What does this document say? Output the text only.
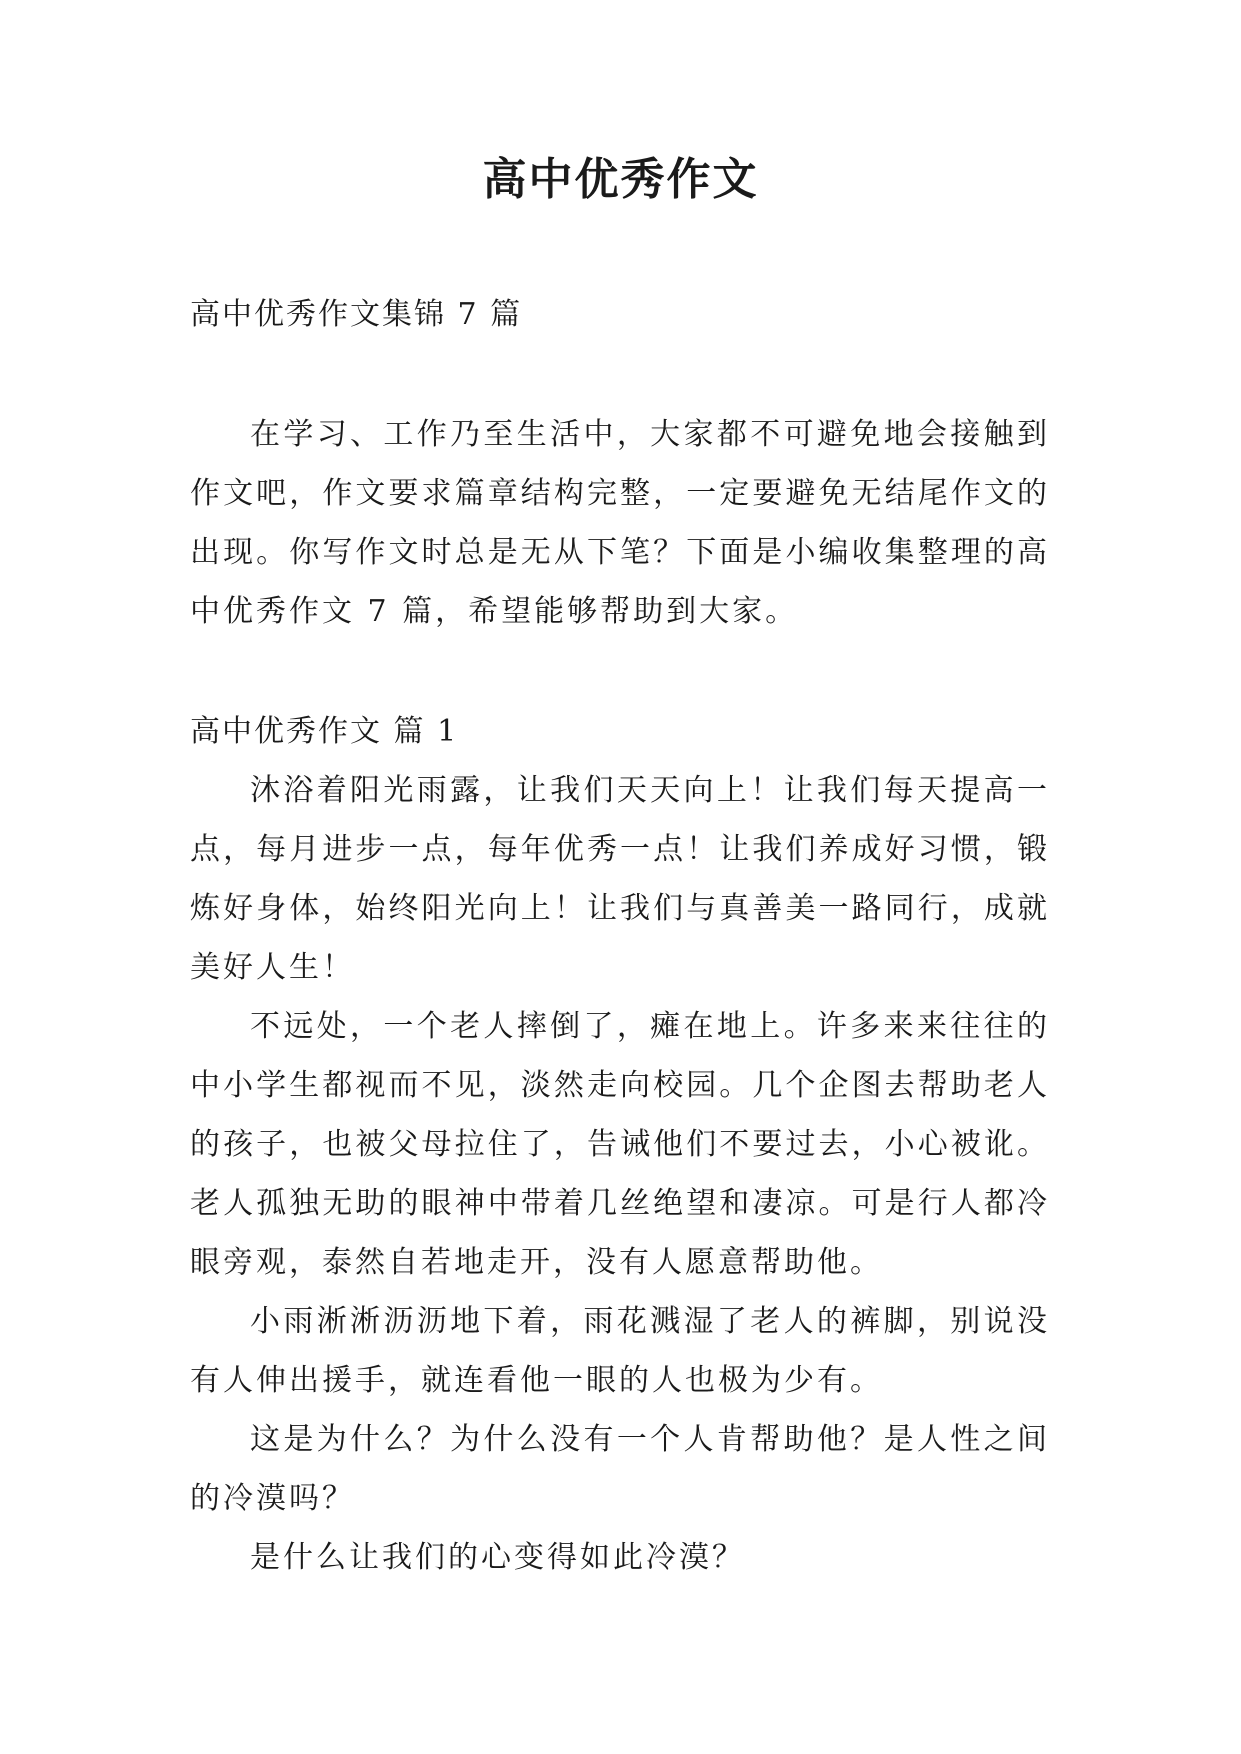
高中优秀作文

高中优秀作文集锦 7 篇

在学习、工作乃至生活中，大家都不可避免地会接触到作文吧，作文要求篇章结构完整，一定要避免无结尾作文的出现。你写作文时总是无从下笔？下面是小编收集整理的高中优秀作文 7 篇，希望能够帮助到大家。

高中优秀作文 篇 1

沐浴着阳光雨露，让我们天天向上！让我们每天提高一点，每月进步一点，每年优秀一点！让我们养成好习惯，锻炼好身体，始终阳光向上！让我们与真善美一路同行，成就美好人生！

不远处，一个老人摔倒了，瘫在地上。许多来来往往的中小学生都视而不见，淡然走向校园。几个企图去帮助老人的孩子，也被父母拉住了，告诫他们不要过去，小心被讹。老人孤独无助的眼神中带着几丝绝望和凄凉。可是行人都冷眼旁观，泰然自若地走开，没有人愿意帮助他。

小雨淅淅沥沥地下着，雨花溅湿了老人的裤脚，别说没有人伸出援手，就连看他一眼的人也极为少有。

这是为什么？为什么没有一个人肯帮助他？是人性之间的冷漠吗？

是什么让我们的心变得如此冷漠？
